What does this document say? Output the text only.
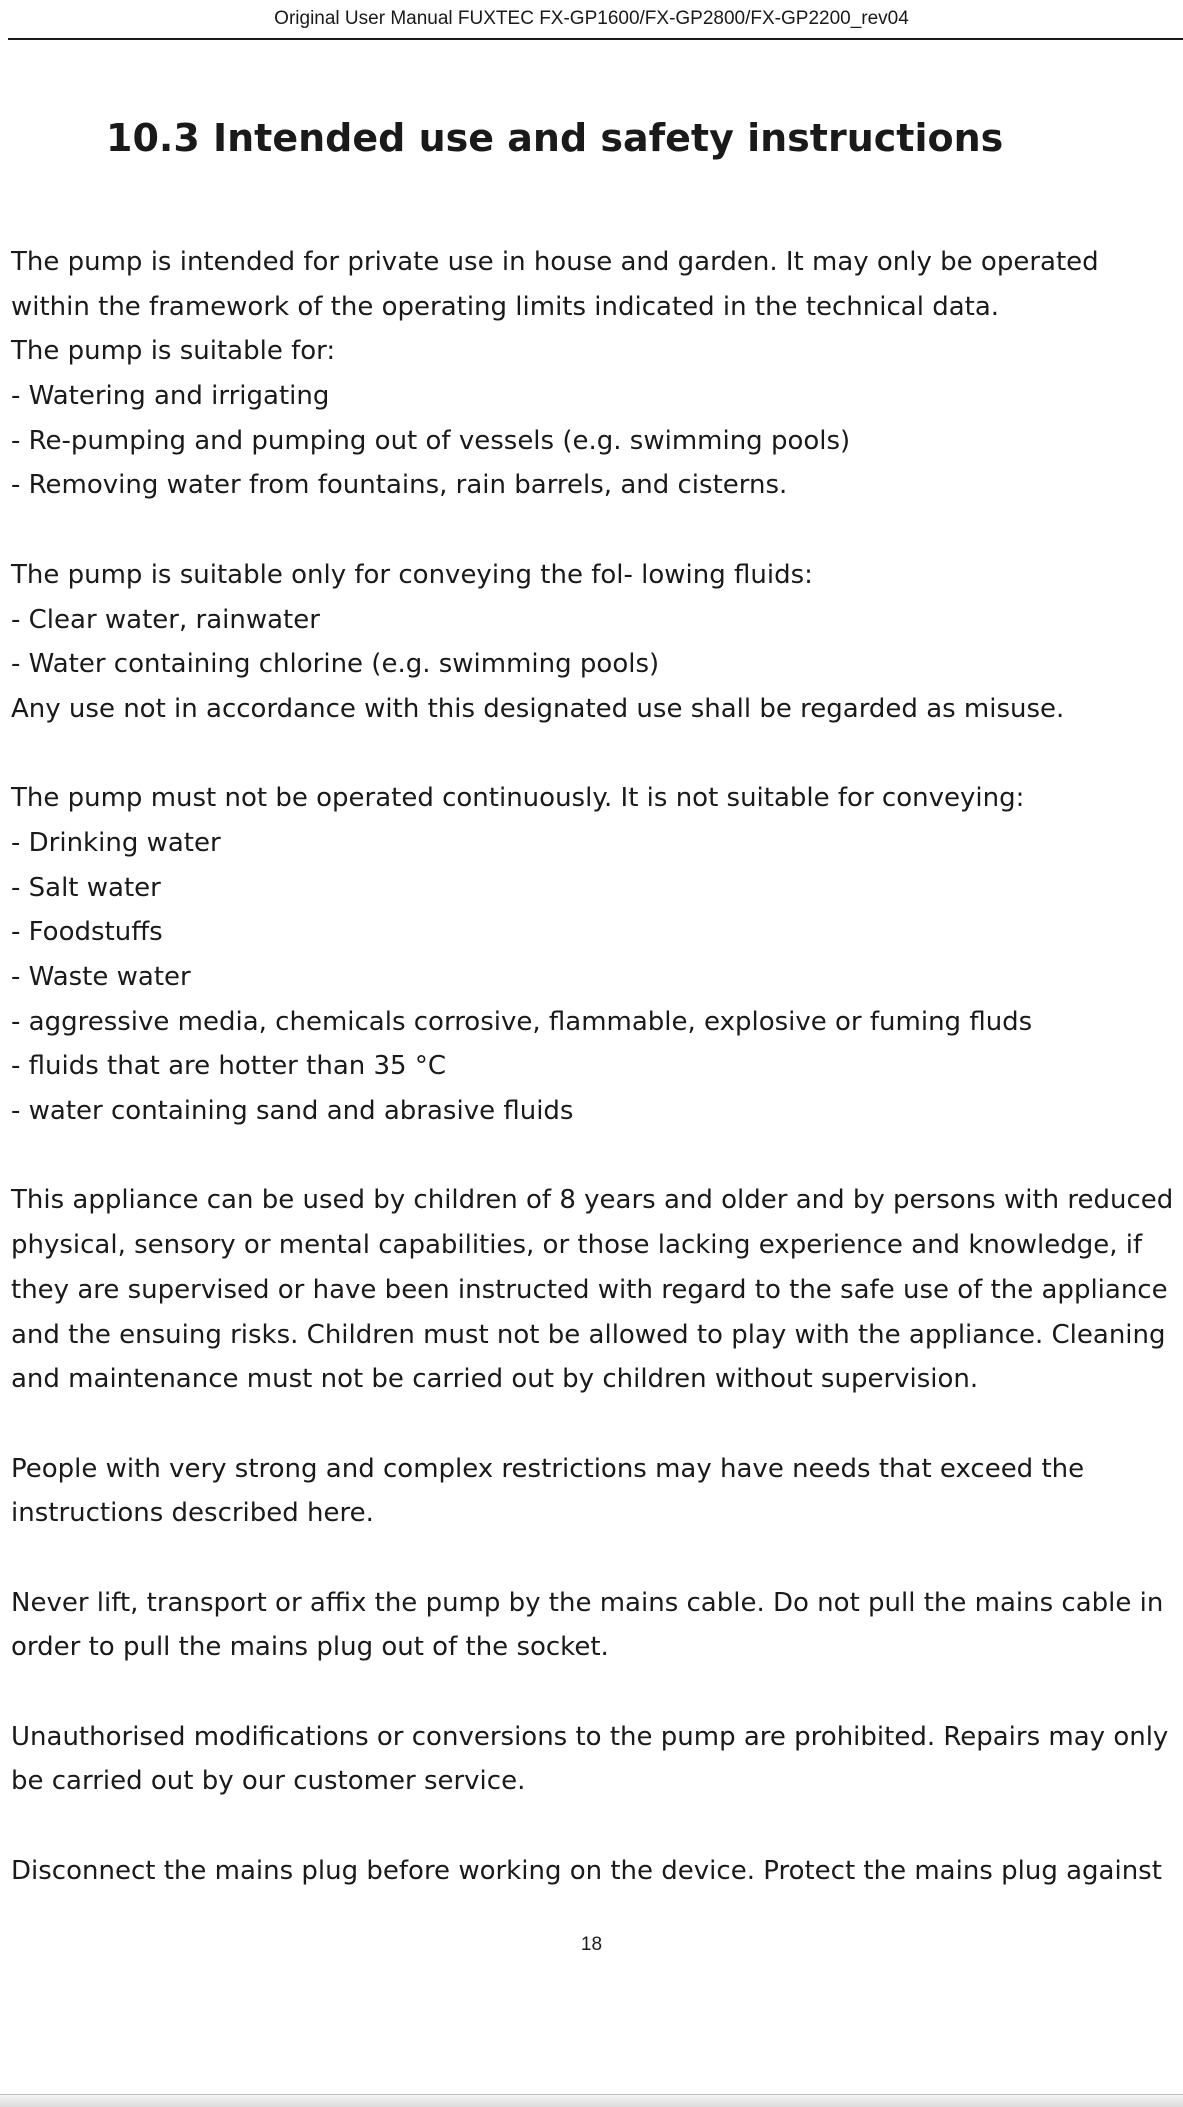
Original User Manual FUXTEC FX-GP1600/FX-GP2800/FX-GP2200_rev04
10.3 Intended use and safety instructions
The pump is intended for private use in house and garden. It may only be operated
within the framework of the operating limits indicated in the technical data.
The pump is suitable for:
- Watering and irrigating
- Re-pumping and pumping out of vessels (e.g. swimming pools)
- Removing water from fountains, rain barrels, and cisterns.
The pump is suitable only for conveying the fol- lowing fluids:
- Clear water, rainwater
- Water containing chlorine (e.g. swimming pools)
Any use not in accordance with this designated use shall be regarded as misuse.
The pump must not be operated continuously. It is not suitable for conveying:
- Drinking water
- Salt water
- Foodstuffs
- Waste water
- aggressive media, chemicals corrosive, flammable, explosive or fuming fluds
- fluids that are hotter than 35 °C
- water containing sand and abrasive fluids
This appliance can be used by children of 8 years and older and by persons with reduced
physical, sensory or mental capabilities, or those lacking experience and knowledge, if
they are supervised or have been instructed with regard to the safe use of the appliance
and the ensuing risks. Children must not be allowed to play with the appliance. Cleaning
and maintenance must not be carried out by children without supervision.
People with very strong and complex restrictions may have needs that exceed the
instructions described here.
Never lift, transport or affix the pump by the mains cable. Do not pull the mains cable in
order to pull the mains plug out of the socket.
Unauthorised modifications or conversions to the pump are prohibited. Repairs may only
be carried out by our customer service.
Disconnect the mains plug before working on the device. Protect the mains plug against
18
